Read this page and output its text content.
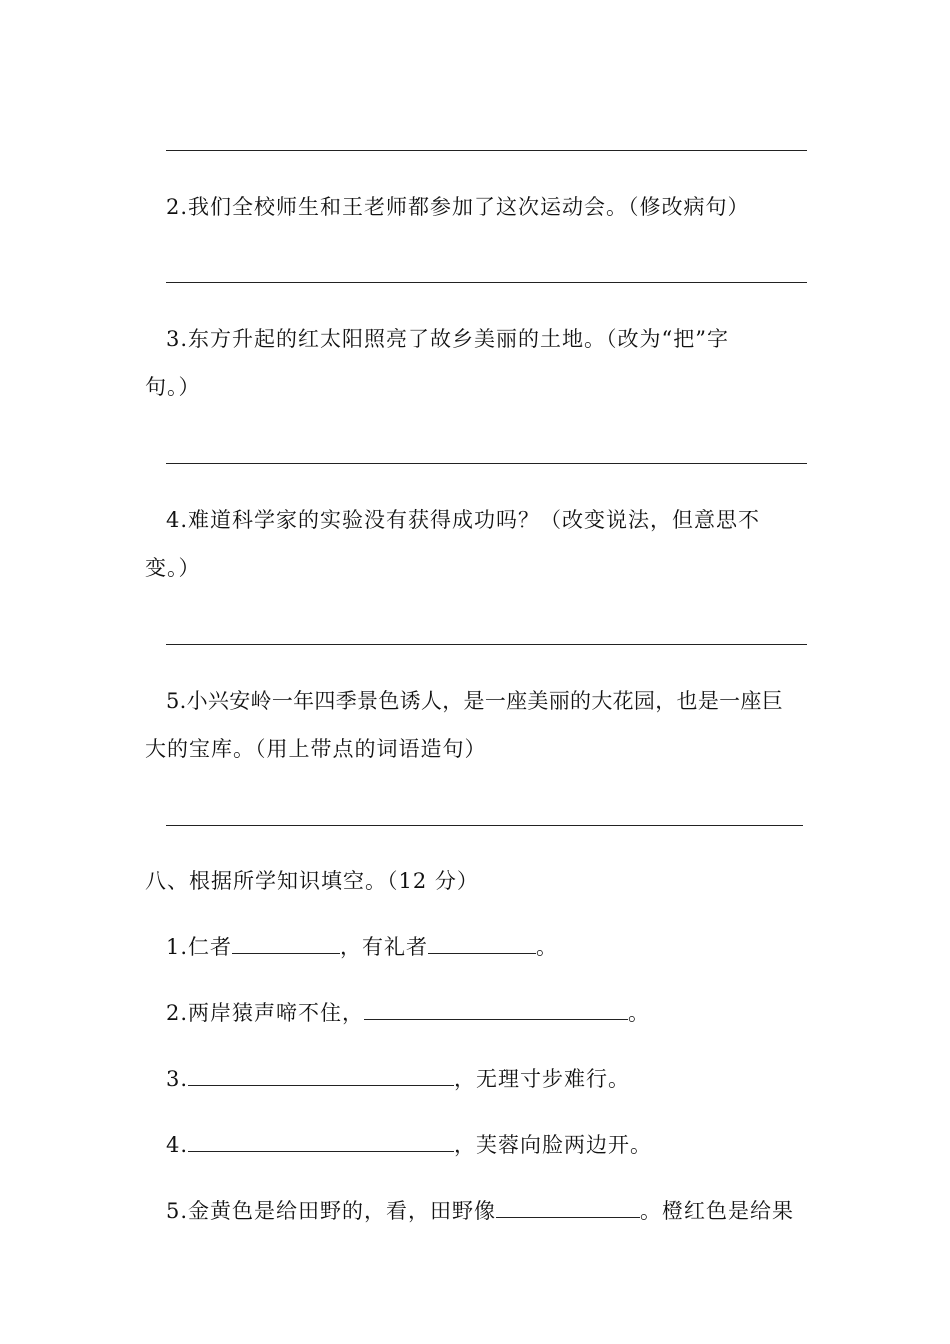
2.我们全校师生和王老师都参加了这次运动会。（修改病句）
3.东方升起的红太阳照亮了故乡美丽的土地。（改为“把”字
句。）
4.难道科学家的实验没有获得成功吗？（改变说法，但意思不
变。）
5.小兴安岭一年四季景色诱人，是一座美丽的大花园，也是一座巨
大的宝库。（用上带点的词语造句）
八、根据所学知识填空。（12 分）
1.仁者	，有礼者	。
2.两岸猿声啼不住，	。
3.	，无理寸步难行。
4.	，芙蓉向脸两边开。
5.金黄色是给田野的，看，田野像	。橙红色是给果
